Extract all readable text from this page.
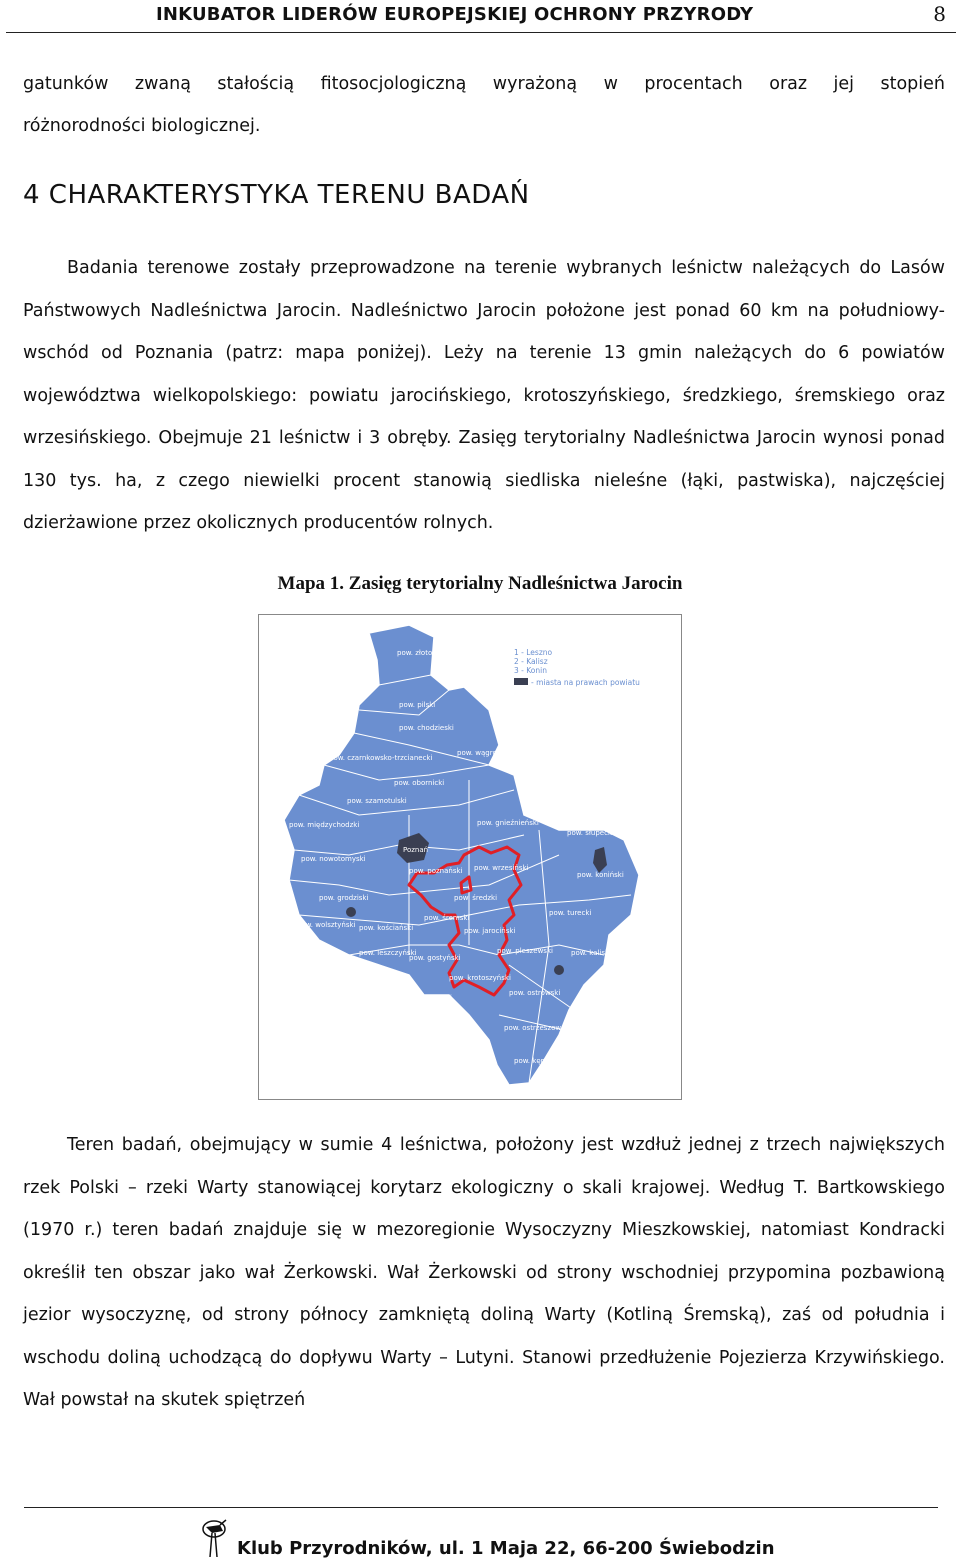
INKUBATOR LIDERÓW EUROPEJSKIEJ OCHRONY PRZYRODY	8
gatunków zwaną stałością fitosocjologiczną wyrażoną w procentach oraz jej stopień
różnorodności biologicznej.
4 CHARAKTERYSTYKA TERENU BADAŃ
Badania terenowe zostały przeprowadzone na terenie wybranych leśnictw należących do Lasów Państwowych Nadleśnictwa Jarocin. Nadleśnictwo Jarocin położone jest ponad 60 km na południowy-wschód od Poznania (patrz: mapa poniżej). Leży na terenie 13 gmin należących do 6 powiatów województwa wielkopolskiego: powiatu jarocińskiego, krotoszyńskiego, średzkiego, śremskiego oraz wrzesińskiego. Obejmuje 21 leśnictw i 3 obręby. Zasięg terytorialny Nadleśnictwa Jarocin wynosi ponad 130 tys. ha, z czego niewielki procent stanowią siedliska nieleśne (łąki, pastwiska), najczęściej dzierżawione przez okolicznych producentów rolnych.
Mapa 1. Zasięg terytorialny Nadleśnictwa Jarocin
pow. złotowski
pow. pilski
pow. chodzieski
pow. czarnkowsko-trzcianecki
pow. wągrowiecki
pow. obornicki
pow. szamotulski
pow. międzychodzki
pow. nowotomyski
pow. gnieźnieński
Poznań
pow. poznański
pow. słupecki
pow. koniński
pow. grodziski
pow. wrzesiński
pow. średzki
pow. wolsztyński pow. kościański
pow. śremski
pow. turecki
pow. leszczyński
pow. jarociński
pow. gostyński
pow. pleszewski	pow. kaliski
pow. krotoszyński
pow. rawicki
pow. ostrowski
pow. ostrzeszowski
pow. kępiński
1 - Leszno
2 - Kalisz
3 - Konin
- miasta na prawach powiatu
Teren badań, obejmujący w sumie 4 leśnictwa, położony jest wzdłuż jednej z trzech największych rzek Polski – rzeki Warty stanowiącej korytarz ekologiczny o skali krajowej. Według T. Bartkowskiego (1970 r.) teren badań znajduje się w mezoregionie Wysoczyzny Mieszkowskiej, natomiast Kondracki określił ten obszar jako wał Żerkowski. Wał Żerkowski od strony wschodniej przypomina pozbawioną jezior wysoczyznę, od strony północy zamkniętą doliną Warty (Kotliną Śremską), zaś od południa i wschodu doliną uchodzącą do dopływu Warty – Lutyni. Stanowi przedłużenie Pojezierza Krzywińskiego. Wał powstał na skutek spiętrzeń
Klub Przyrodników, ul. 1 Maja 22, 66-200 Świebodzin
